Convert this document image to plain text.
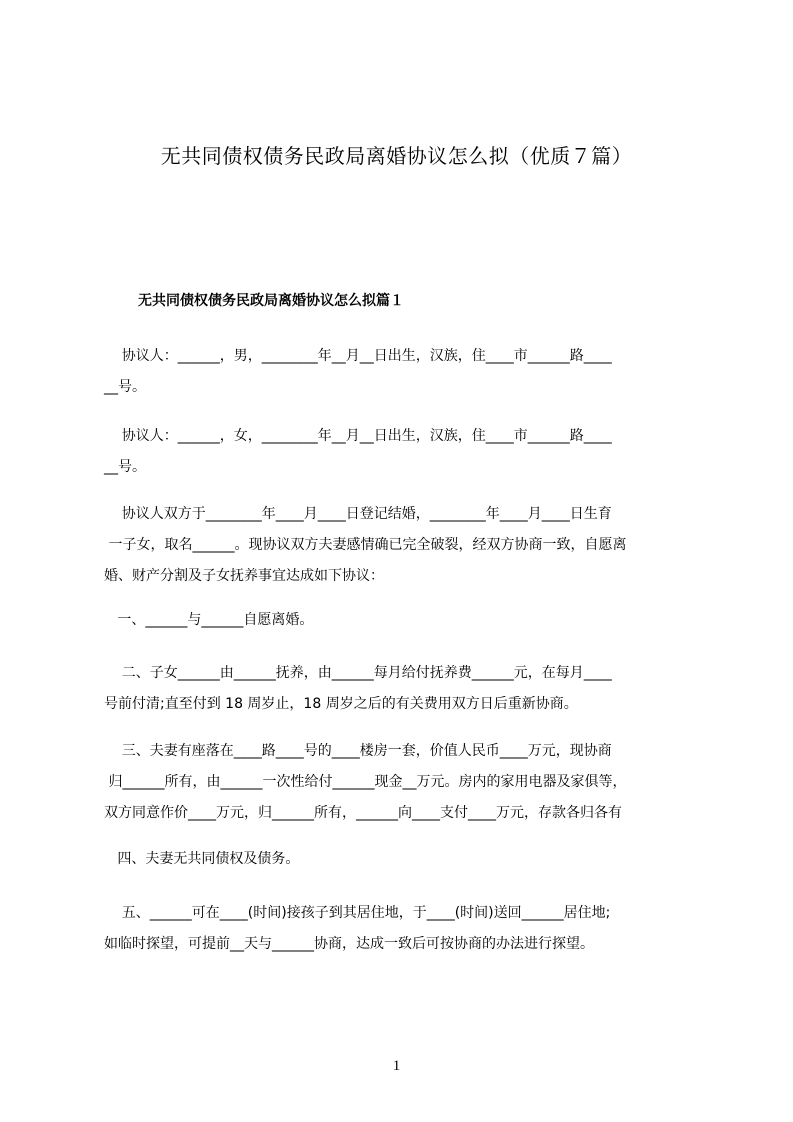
无共同债权债务民政局离婚协议怎么拟（优质７篇）
无共同债权债务民政局离婚协议怎么拟篇１
协议人：______，男，________年__月__日出生，汉族，住____市______路____
__号。
协议人：______，女，________年__月__日出生，汉族，住____市______路____
__号。
协议人双方于________年____月____日登记结婚，________年____月____日生育
一子女，取名______。现协议双方夫妻感情确已完全破裂，经双方协商一致，自愿离
婚、财产分割及子女抚养事宜达成如下协议：
一、______与______自愿离婚。
二、子女______由______抚养，由______每月给付抚养费______元，在每月____
号前付清;直至付到 18 周岁止，18 周岁之后的有关费用双方日后重新协商。
三、夫妻有座落在____路____号的____楼房一套，价值人民币____万元，现协商
归______所有，由______一次性给付______现金__万元。房内的家用电器及家俱等，
双方同意作价____万元，归______所有，______向____支付____万元，存款各归各有
四、夫妻无共同债权及债务。
五、______可在____(时间)接孩子到其居住地，于____(时间)送回______居住地;
如临时探望，可提前__天与______协商，达成一致后可按协商的办法进行探望。
1
